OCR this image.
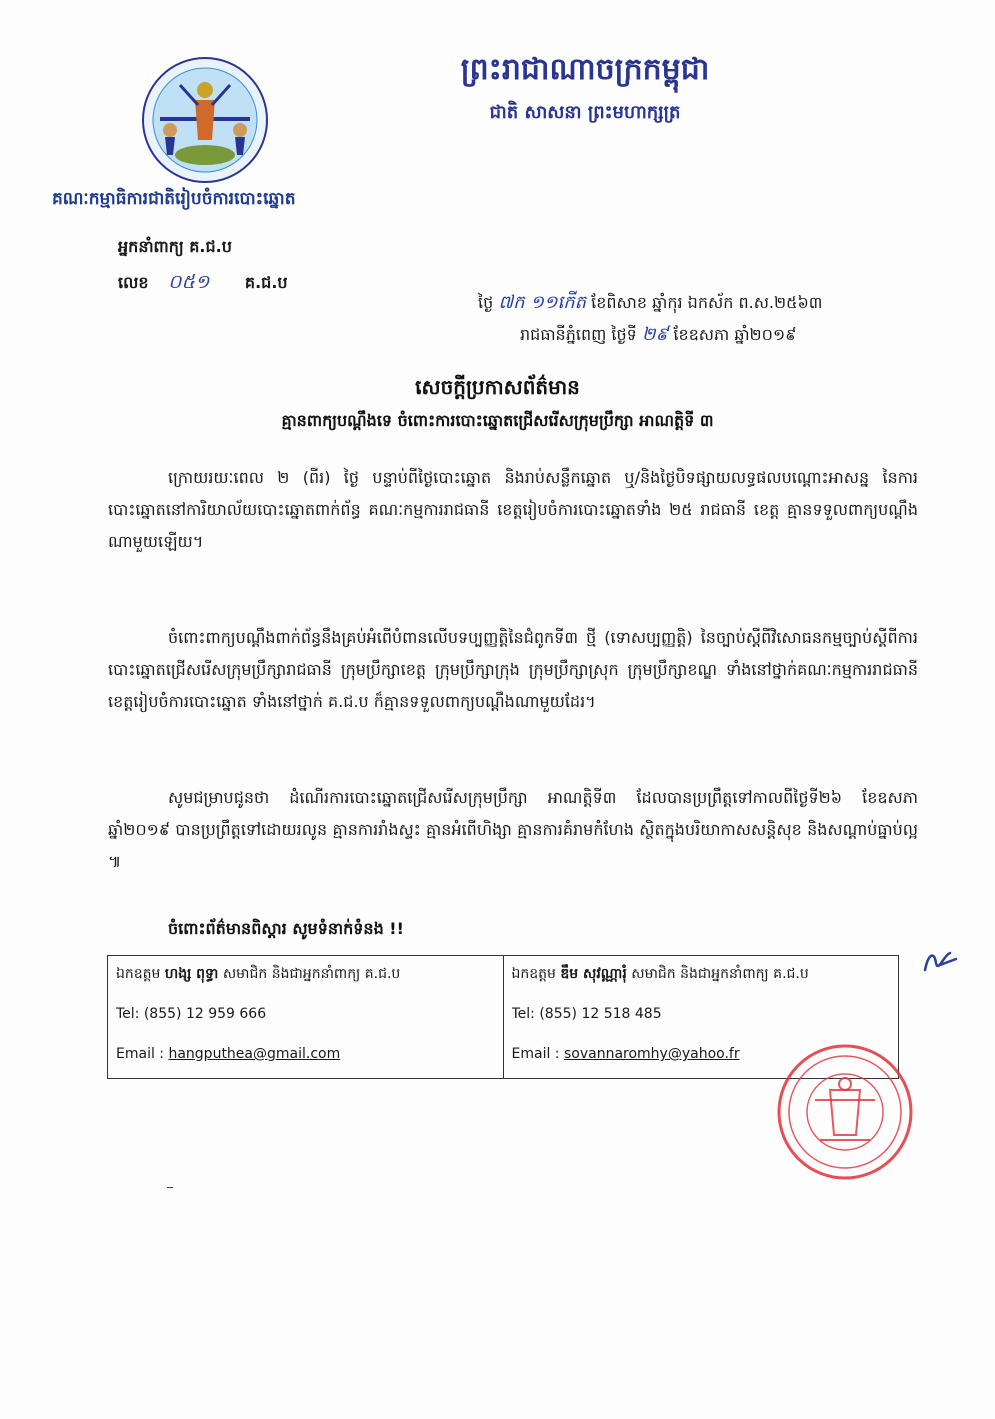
គណៈកម្មាធិការជាតិរៀបចំការបោះឆ្នោត
អ្នកនាំពាក្យ គ.ជ.ប
លេខ ០៥១ គ.ជ.ប
ព្រះរាជាណាចក្រកម្ពុជា
ជាតិ សាសនា ព្រះមហាក្សត្រ
ថ្ងៃ ៧ក ១១កើត ខែពិសាខ ឆ្នាំកុរ ឯកស័ក ព.ស.២៥៦៣
រាជធានីភ្នំពេញ ថ្ងៃទី ២៩ ខែឧសភា ឆ្នាំ២០១៩
សេចក្តីប្រកាសព័ត៌មាន
គ្មានពាក្យបណ្តឹងទេ ចំពោះការបោះឆ្នោតជ្រើសរើសក្រុមប្រឹក្សា អាណត្តិទី ៣
ក្រោយរយៈពេល ២ (ពីរ) ថ្ងៃ បន្ទាប់ពីថ្ងៃបោះឆ្នោត និងរាប់សន្លឹកឆ្នោត ឬ/និងថ្ងៃបិទផ្សាយលទ្ធផលបណ្តោះអាសន្ន នៃការបោះឆ្នោតនៅការិយាល័យបោះឆ្នោតពាក់ព័ន្ធ គណៈកម្មការរាជធានី ខេត្តរៀបចំការបោះឆ្នោតទាំង ២៥ រាជធានី ខេត្ត គ្មានទទួលពាក្យបណ្តឹងណាមួយឡើយ។
ចំពោះពាក្យបណ្តឹងពាក់ព័ន្ធនឹងគ្រប់អំពើបំពានលើបទប្បញ្ញត្តិនៃជំពូកទី៣ ថ្មី (ទោសប្បញ្ញត្តិ) នៃច្បាប់ស្តីពីវិសោធនកម្មច្បាប់ស្តីពីការបោះឆ្នោតជ្រើសរើសក្រុមប្រឹក្សារាជធានី ក្រុមប្រឹក្សាខេត្ត ក្រុមប្រឹក្សាក្រុង ក្រុមប្រឹក្សាស្រុក ក្រុមប្រឹក្សាខណ្ឌ ទាំងនៅថ្នាក់គណៈកម្មការរាជធានី ខេត្តរៀបចំការបោះឆ្នោត ទាំងនៅថ្នាក់ គ.ជ.ប ក៏គ្មានទទួលពាក្យបណ្តឹងណាមួយដែរ។
សូមជម្រាបជូនថា ដំណើរការបោះឆ្នោតជ្រើសរើសក្រុមប្រឹក្សា អាណត្តិទី៣ ដែលបានប្រព្រឹត្តទៅកាលពីថ្ងៃទី២៦ ខែឧសភា ឆ្នាំ២០១៩ បានប្រព្រឹត្តទៅដោយរលូន គ្មានការរាំងស្ទះ គ្មានអំពើហិង្សា គ្មានការគំរាមកំហែង ស្ថិតក្នុងបរិយាកាសសន្តិសុខ និងសណ្តាប់ធ្នាប់ល្អ ៕
ចំពោះព័ត៌មានពិស្តារ សូមទំនាក់ទំនង !!
ឯកឧត្តម ហង្ស ពុទ្ធា សមាជិក និងជាអ្នកនាំពាក្យ គ.ជ.ប
Tel: (855) 12 959 666
Email : hangputhea@gmail.com
ឯកឧត្តម ឌឹម សុវណ្ណារុំ សមាជិក និងជាអ្នកនាំពាក្យ គ.ជ.ប
Tel: (855) 12 518 485
Email : sovannaromhy@yahoo.fr
